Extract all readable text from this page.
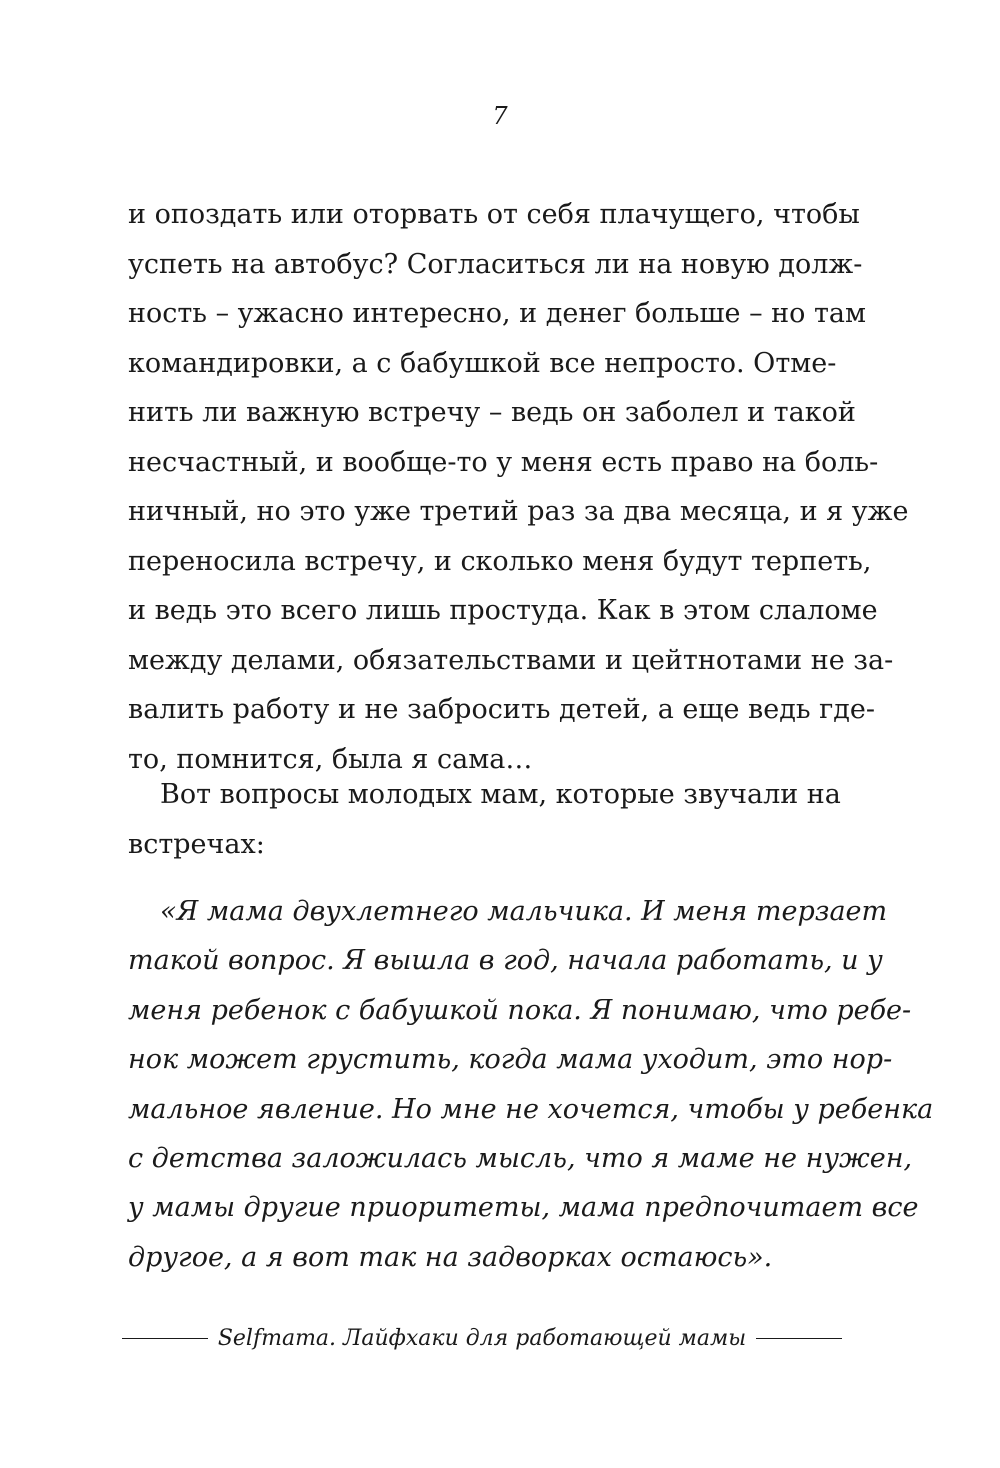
7
и опоздать или оторвать от себя плачущего, чтобы
успеть на автобус? Согласиться ли на новую долж-
ность – ужасно интересно, и денег больше – но там
командировки, а с бабушкой все непросто. Отме-
нить ли важную встречу – ведь он заболел и такой
несчастный, и вообще-то у меня есть право на боль-
ничный, но это уже третий раз за два месяца, и я уже
переносила встречу, и сколько меня будут терпеть,
и ведь это всего лишь простуда. Как в этом слаломе
между делами, обязательствами и цейтнотами не за-
валить работу и не забросить детей, а еще ведь где-
то, помнится, была я сама…
Вот вопросы молодых мам, которые звучали на
встречах:
«Я мама двухлетнего мальчика. И меня терзает
такой вопрос. Я вышла в год, начала работать, и у
меня ребенок с бабушкой пока. Я понимаю, что ребе-
нок может грустить, когда мама уходит, это нор-
мальное явление. Но мне не хочется, чтобы у ребенка
с детства заложилась мысль, что я маме не нужен,
у мамы другие приоритеты, мама предпочитает все
другое, а я вот так на задворках остаюсь».
Selfmama. Лайфхаки для работающей мамы
